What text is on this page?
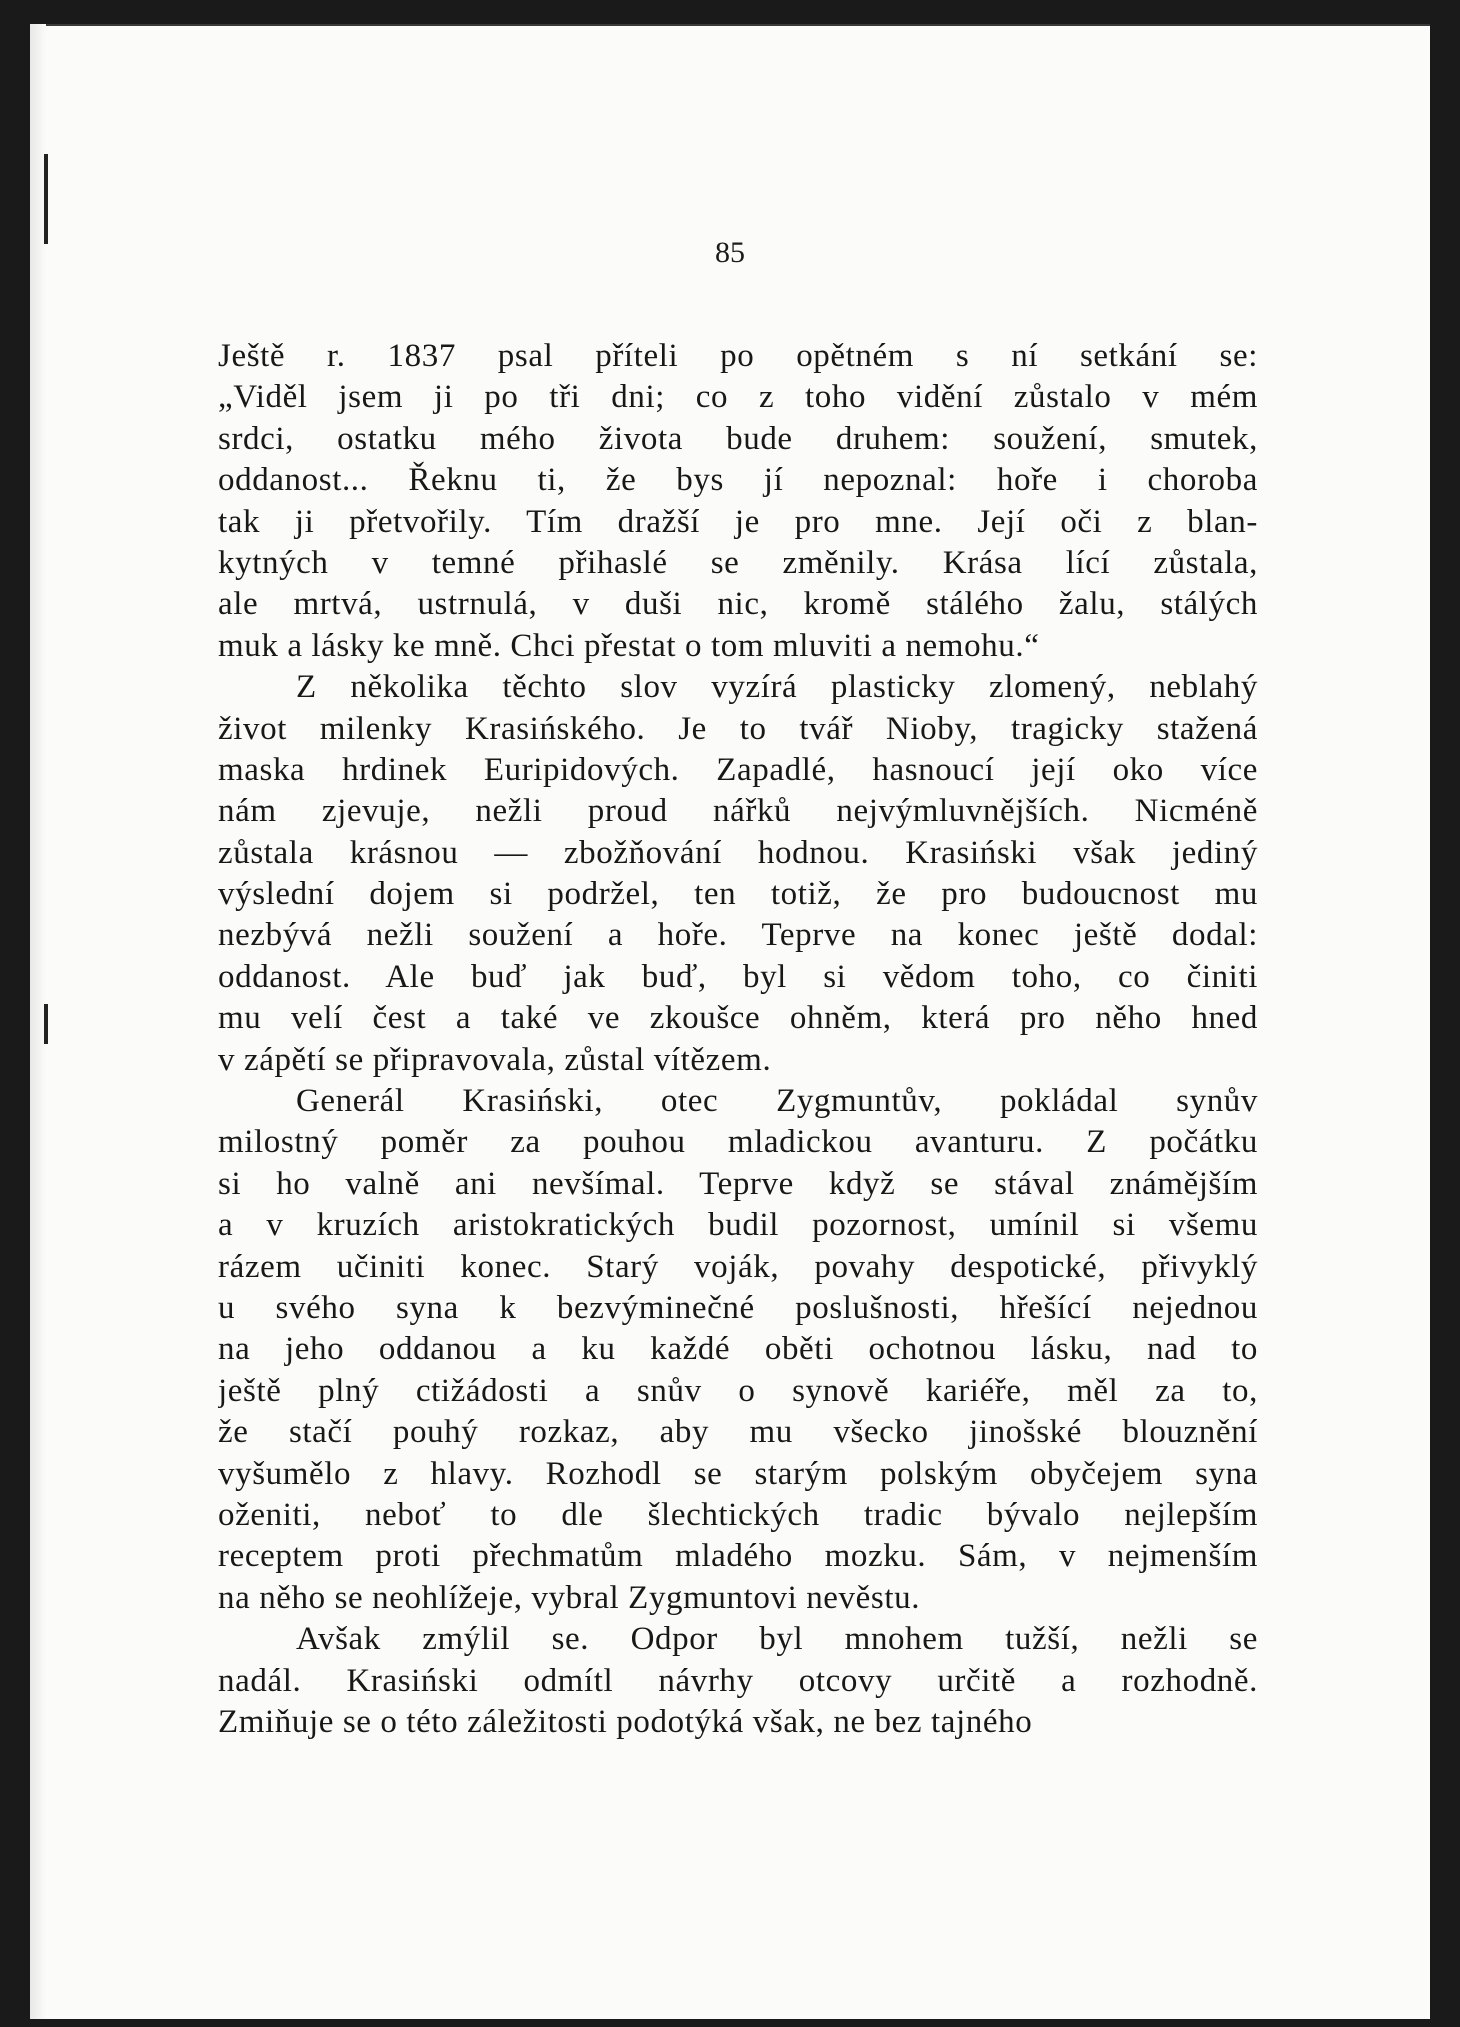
85
Ještě r. 1837 psal příteli po opětném s ní setkání se:
„Viděl jsem ji po tři dni; co z toho vidění zůstalo v mém
srdci, ostatku mého života bude druhem: soužení, smutek,
oddanost... Řeknu ti, že bys jí nepoznal: hoře i choroba
tak ji přetvořily. Tím dražší je pro mne. Její oči z blan-
kytných v temné přihaslé se změnily. Krása lící zůstala,
ale mrtvá, ustrnulá, v duši nic, kromě stálého žalu, stálých
muk a lásky ke mně. Chci přestat o tom mluviti a nemohu.“
Z několika těchto slov vyzírá plasticky zlomený, neblahý
život milenky Krasińského. Je to tvář Nioby, tragicky stažená
maska hrdinek Euripidových. Zapadlé, hasnoucí její oko více
nám zjevuje, nežli proud nářků nejvýmluvnějších. Nicméně
zůstala krásnou — zbožňování hodnou. Krasiński však jediný
výslední dojem si podržel, ten totiž, že pro budoucnost mu
nezbývá nežli soužení a hoře. Teprve na konec ještě dodal:
oddanost. Ale buď jak buď, byl si vědom toho, co činiti
mu velí čest a také ve zkoušce ohněm, která pro něho hned
v zápětí se připravovala, zůstal vítězem.
Generál Krasiński, otec Zygmuntův, pokládal synův
milostný poměr za pouhou mladickou avanturu. Z počátku
si ho valně ani nevšímal. Teprve když se stával známějším
a v kruzích aristokratických budil pozornost, umínil si všemu
rázem učiniti konec. Starý voják, povahy despotické, přivyklý
u svého syna k bezvýminečné poslušnosti, hřešící nejednou
na jeho oddanou a ku každé oběti ochotnou lásku, nad to
ještě plný ctižádosti a snův o synově kariéře, měl za to,
že stačí pouhý rozkaz, aby mu všecko jinošské blouznění
vyšumělo z hlavy. Rozhodl se starým polským obyčejem syna
oženiti, neboť to dle šlechtických tradic bývalo nejlepším
receptem proti přechmatům mladého mozku. Sám, v nejmenším
na něho se neohlížeje, vybral Zygmuntovi nevěstu.
Avšak zmýlil se. Odpor byl mnohem tužší, nežli se
nadál. Krasiński odmítl návrhy otcovy určitě a rozhodně.
Zmiňuje se o této záležitosti podotýká však, ne bez tajného
